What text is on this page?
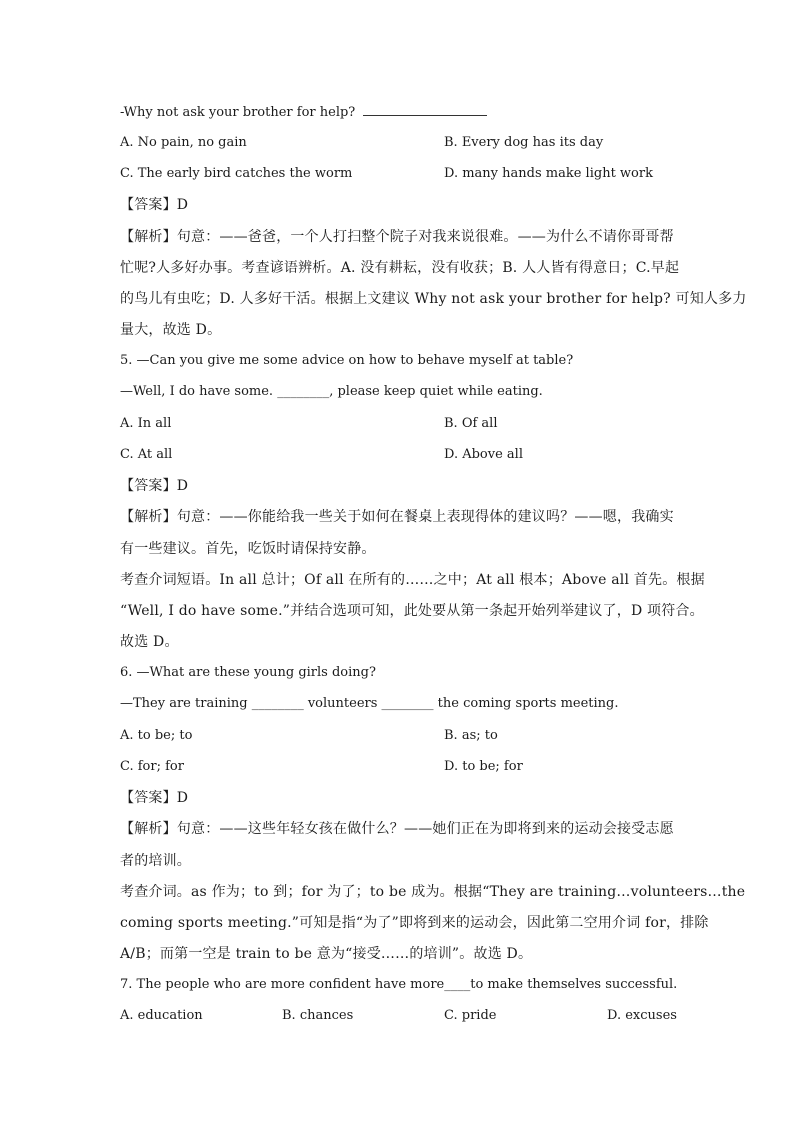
-Why not ask your brother for help?
A. No pain, no gain	B. Every dog has its day
C. The early bird catches the worm	D. many hands make light work
【答案】D
【解析】句意：——爸爸，一个人打扫整个院子对我来说很难。——为什么不请你哥哥帮
忙呢?人多好办事。考查谚语辨析。A. 没有耕耘，没有收获；B. 人人皆有得意日；C.早起
的鸟儿有虫吃；D. 人多好干活。根据上文建议 Why not ask your brother for help? 可知人多力
量大，故选 D。
5. —Can you give me some advice on how to behave myself at table?
—Well, I do have some. ________, please keep quiet while eating.
A. In all	B. Of all
C. At all	D. Above all
【答案】D
【解析】句意：——你能给我一些关于如何在餐桌上表现得体的建议吗？——嗯，我确实
有一些建议。首先，吃饭时请保持安静。
考查介词短语。In all 总计；Of all 在所有的……之中；At all 根本；Above all 首先。根据
“Well, I do have some.”并结合选项可知，此处要从第一条起开始列举建议了，D 项符合。
故选 D。
6. —What are these young girls doing?
—They are training ________ volunteers ________ the coming sports meeting.
A. to be; to	B. as; to
C. for; for	D. to be; for
【答案】D
【解析】句意：——这些年轻女孩在做什么？——她们正在为即将到来的运动会接受志愿
者的培训。
考查介词。as 作为；to 到；for 为了；to be 成为。根据“They are training…volunteers…the
coming sports meeting.”可知是指“为了”即将到来的运动会，因此第二空用介词 for，排除
A/B；而第一空是 train to be 意为“接受……的培训”。故选 D。
7. The people who are more confident have more____to make themselves successful.
A. education	B. chances	C. pride	D. excuses
